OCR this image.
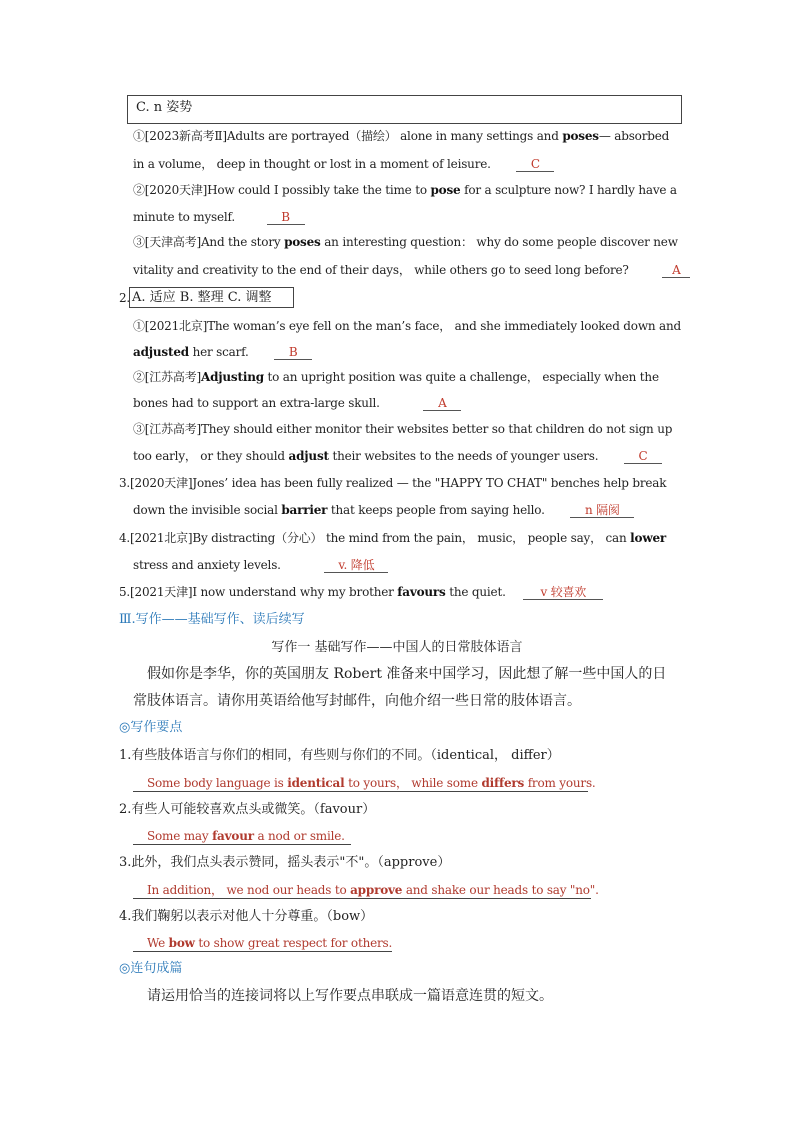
C. n 姿势
①[2023新高考Ⅱ]Adults are portrayed（描绘） alone in many settings and poses— absorbed
in a volume， deep in thought or lost in a moment of leisure.	C
②[2020天津]How could I possibly take the time to pose for a sculpture now? I hardly have a
minute to myself.	B
③[天津高考]And the story poses an interesting question： why do some people discover new
vitality and creativity to the end of their days， while others go to seed long before?	A
2. A. 适应 B. 整理 C. 调整
①[2021北京]The woman’s eye fell on the man’s face， and she immediately looked down and
adjusted her scarf.	B
②[江苏高考]Adjusting to an upright position was quite a challenge， especially when the
bones had to support an extra-large skull.	A
③[江苏高考]They should either monitor their websites better so that children do not sign up
too early， or they should adjust their websites to the needs of younger users.	C
3.[2020天津]Jones’ idea has been fully realized — the "HAPPY TO CHAT" benches help break
down the invisible social barrier that keeps people from saying hello.	n 隔阂
4.[2021北京]By distracting（分心） the mind from the pain， music， people say， can lower
stress and anxiety levels.	v. 降低
5.[2021天津]I now understand why my brother favours the quiet.	v 较喜欢
Ⅲ.写作——基础写作、读后续写
写作一 基础写作——中国人的日常肢体语言
假如你是李华，你的英国朋友 Robert 准备来中国学习，因此想了解一些中国人的日常肢体语言。请你用英语给他写封邮件，向他介绍一些日常的肢体语言。
◎写作要点
1.有些肢体语言与你们的相同，有些则与你们的不同。（identical， differ）
Some body language is identical to yours， while some differs from yours.
2.有些人可能较喜欢点头或微笑。（favour）
Some may favour a nod or smile.
3.此外，我们点头表示赞同，摇头表示"不"。（approve）
In addition， we nod our heads to approve and shake our heads to say "no".
4.我们鞠躬以表示对他人十分尊重。（bow）
We bow to show great respect for others.
◎连句成篇
请运用恰当的连接词将以上写作要点串联成一篇语意连贯的短文。
